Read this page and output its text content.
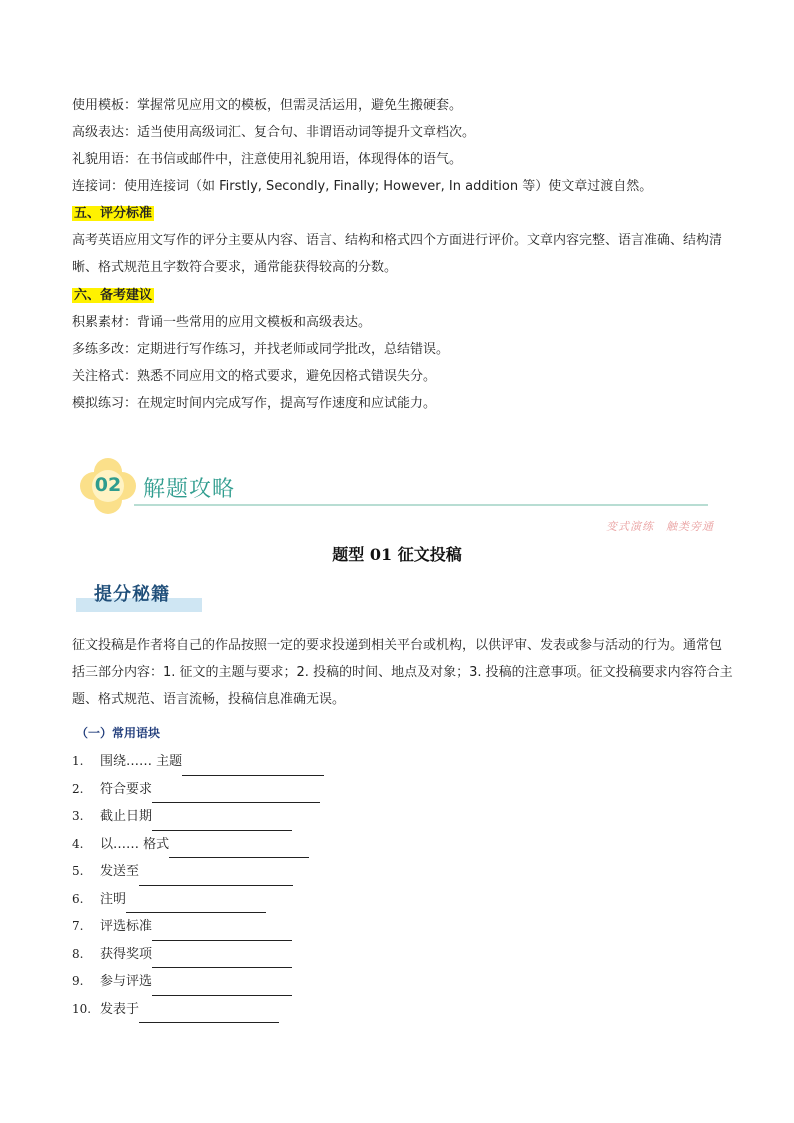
使用模板：掌握常见应用文的模板，但需灵活运用，避免生搬硬套。
高级表达：适当使用高级词汇、复合句、非谓语动词等提升文章档次。
礼貌用语：在书信或邮件中，注意使用礼貌用语，体现得体的语气。
连接词：使用连接词（如 Firstly, Secondly, Finally; However, In addition 等）使文章过渡自然。
五、评分标准
高考英语应用文写作的评分主要从内容、语言、结构和格式四个方面进行评价。文章内容完整、语言准确、结构清晰、格式规范且字数符合要求，通常能获得较高的分数。
六、备考建议
积累素材：背诵一些常用的应用文模板和高级表达。
多练多改：定期进行写作练习，并找老师或同学批改，总结错误。
关注格式：熟悉不同应用文的格式要求，避免因格式错误失分。
模拟练习：在规定时间内完成写作，提高写作速度和应试能力。
02 解题攻略
变式演练　触类旁通
题型 01 征文投稿
提分秘籍
征文投稿是作者将自己的作品按照一定的要求投递到相关平台或机构，以供评审、发表或参与活动的行为。通常包括三部分内容：1. 征文的主题与要求；2. 投稿的时间、地点及对象；3. 投稿的注意事项。征文投稿要求内容符合主题、格式规范、语言流畅，投稿信息准确无误。
（一）常用语块
1. 围绕…… 主题
2. 符合要求
3. 截止日期
4. 以…… 格式
5. 发送至
6. 注明
7. 评选标准
8. 获得奖项
9. 参与评选
10. 发表于
